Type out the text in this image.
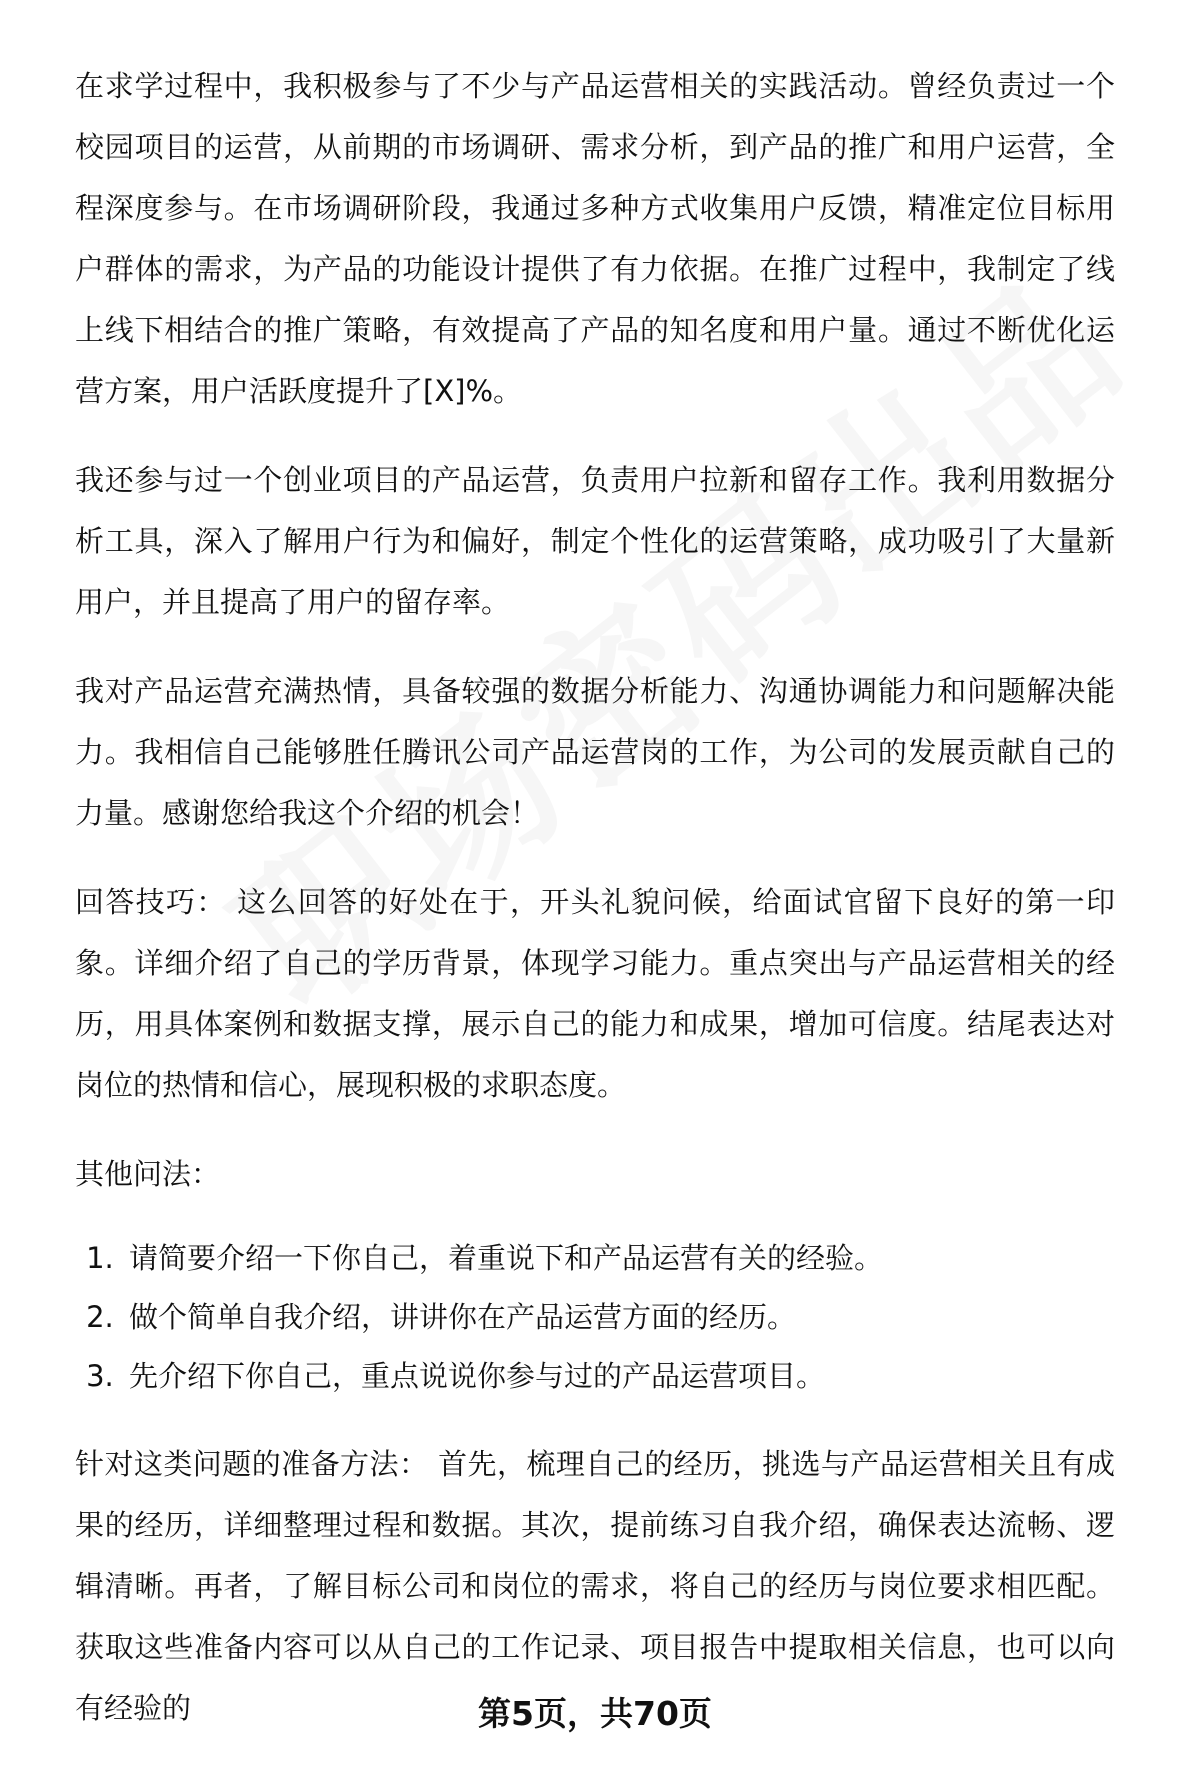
在求学过程中，我积极参与了不少与产品运营相关的实践活动。曾经负责过一个校园项目的运营，从前期的市场调研、需求分析，到产品的推广和用户运营，全程深度参与。在市场调研阶段，我通过多种方式收集用户反馈，精准定位目标用户群体的需求，为产品的功能设计提供了有力依据。在推广过程中，我制定了线上线下相结合的推广策略，有效提高了产品的知名度和用户量。通过不断优化运营方案，用户活跃度提升了[X]%。

我还参与过一个创业项目的产品运营，负责用户拉新和留存工作。我利用数据分析工具，深入了解用户行为和偏好，制定个性化的运营策略，成功吸引了大量新用户，并且提高了用户的留存率。

我对产品运营充满热情，具备较强的数据分析能力、沟通协调能力和问题解决能力。我相信自己能够胜任腾讯公司产品运营岗的工作，为公司的发展贡献自己的力量。感谢您给我这个介绍的机会！

回答技巧： 这么回答的好处在于，开头礼貌问候，给面试官留下良好的第一印象。详细介绍了自己的学历背景，体现学习能力。重点突出与产品运营相关的经历，用具体案例和数据支撑，展示自己的能力和成果，增加可信度。结尾表达对岗位的热情和信心，展现积极的求职态度。

其他问法：

1. 请简要介绍一下你自己，着重说下和产品运营有关的经验。
2. 做个简单自我介绍，讲讲你在产品运营方面的经历。
3. 先介绍下你自己，重点说说你参与过的产品运营项目。

针对这类问题的准备方法： 首先，梳理自己的经历，挑选与产品运营相关且有成果的经历，详细整理过程和数据。其次，提前练习自我介绍，确保表达流畅、逻辑清晰。再者，了解目标公司和岗位的需求，将自己的经历与岗位要求相匹配。获取这些准备内容可以从自己的工作记录、项目报告中提取相关信息，也可以向有经验的	第5页，共70页
